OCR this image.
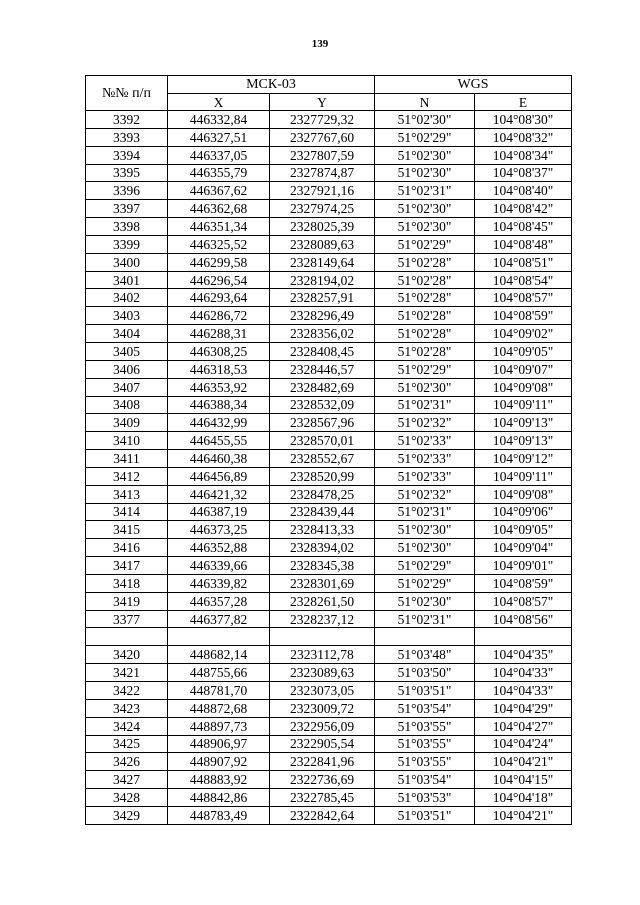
139
№№ п/п	МСК-03		WGS	
	X	Y	N	E
3392	446332,84	2327729,32	51°02'30"	104°08'30"
3393	446327,51	2327767,60	51°02'29"	104°08'32"
3394	446337,05	2327807,59	51°02'30"	104°08'34"
3395	446355,79	2327874,87	51°02'30"	104°08'37"
3396	446367,62	2327921,16	51°02'31"	104°08'40"
3397	446362,68	2327974,25	51°02'30"	104°08'42"
3398	446351,34	2328025,39	51°02'30"	104°08'45"
3399	446325,52	2328089,63	51°02'29"	104°08'48"
3400	446299,58	2328149,64	51°02'28"	104°08'51"
3401	446296,54	2328194,02	51°02'28"	104°08'54"
3402	446293,64	2328257,91	51°02'28"	104°08'57"
3403	446286,72	2328296,49	51°02'28"	104°08'59"
3404	446288,31	2328356,02	51°02'28"	104°09'02"
3405	446308,25	2328408,45	51°02'28"	104°09'05"
3406	446318,53	2328446,57	51°02'29"	104°09'07"
3407	446353,92	2328482,69	51°02'30"	104°09'08"
3408	446388,34	2328532,09	51°02'31"	104°09'11"
3409	446432,99	2328567,96	51°02'32"	104°09'13"
3410	446455,55	2328570,01	51°02'33"	104°09'13"
3411	446460,38	2328552,67	51°02'33"	104°09'12"
3412	446456,89	2328520,99	51°02'33"	104°09'11"
3413	446421,32	2328478,25	51°02'32"	104°09'08"
3414	446387,19	2328439,44	51°02'31"	104°09'06"
3415	446373,25	2328413,33	51°02'30"	104°09'05"
3416	446352,88	2328394,02	51°02'30"	104°09'04"
3417	446339,66	2328345,38	51°02'29"	104°09'01"
3418	446339,82	2328301,69	51°02'29"	104°08'59"
3419	446357,28	2328261,50	51°02'30"	104°08'57"
3377	446377,82	2328237,12	51°02'31"	104°08'56"

3420	448682,14	2323112,78	51°03'48"	104°04'35"
3421	448755,66	2323089,63	51°03'50"	104°04'33"
3422	448781,70	2323073,05	51°03'51"	104°04'33"
3423	448872,68	2323009,72	51°03'54"	104°04'29"
3424	448897,73	2322956,09	51°03'55"	104°04'27"
3425	448906,97	2322905,54	51°03'55"	104°04'24"
3426	448907,92	2322841,96	51°03'55"	104°04'21"
3427	448883,92	2322736,69	51°03'54"	104°04'15"
3428	448842,86	2322785,45	51°03'53"	104°04'18"
3429	448783,49	2322842,64	51°03'51"	104°04'21"
